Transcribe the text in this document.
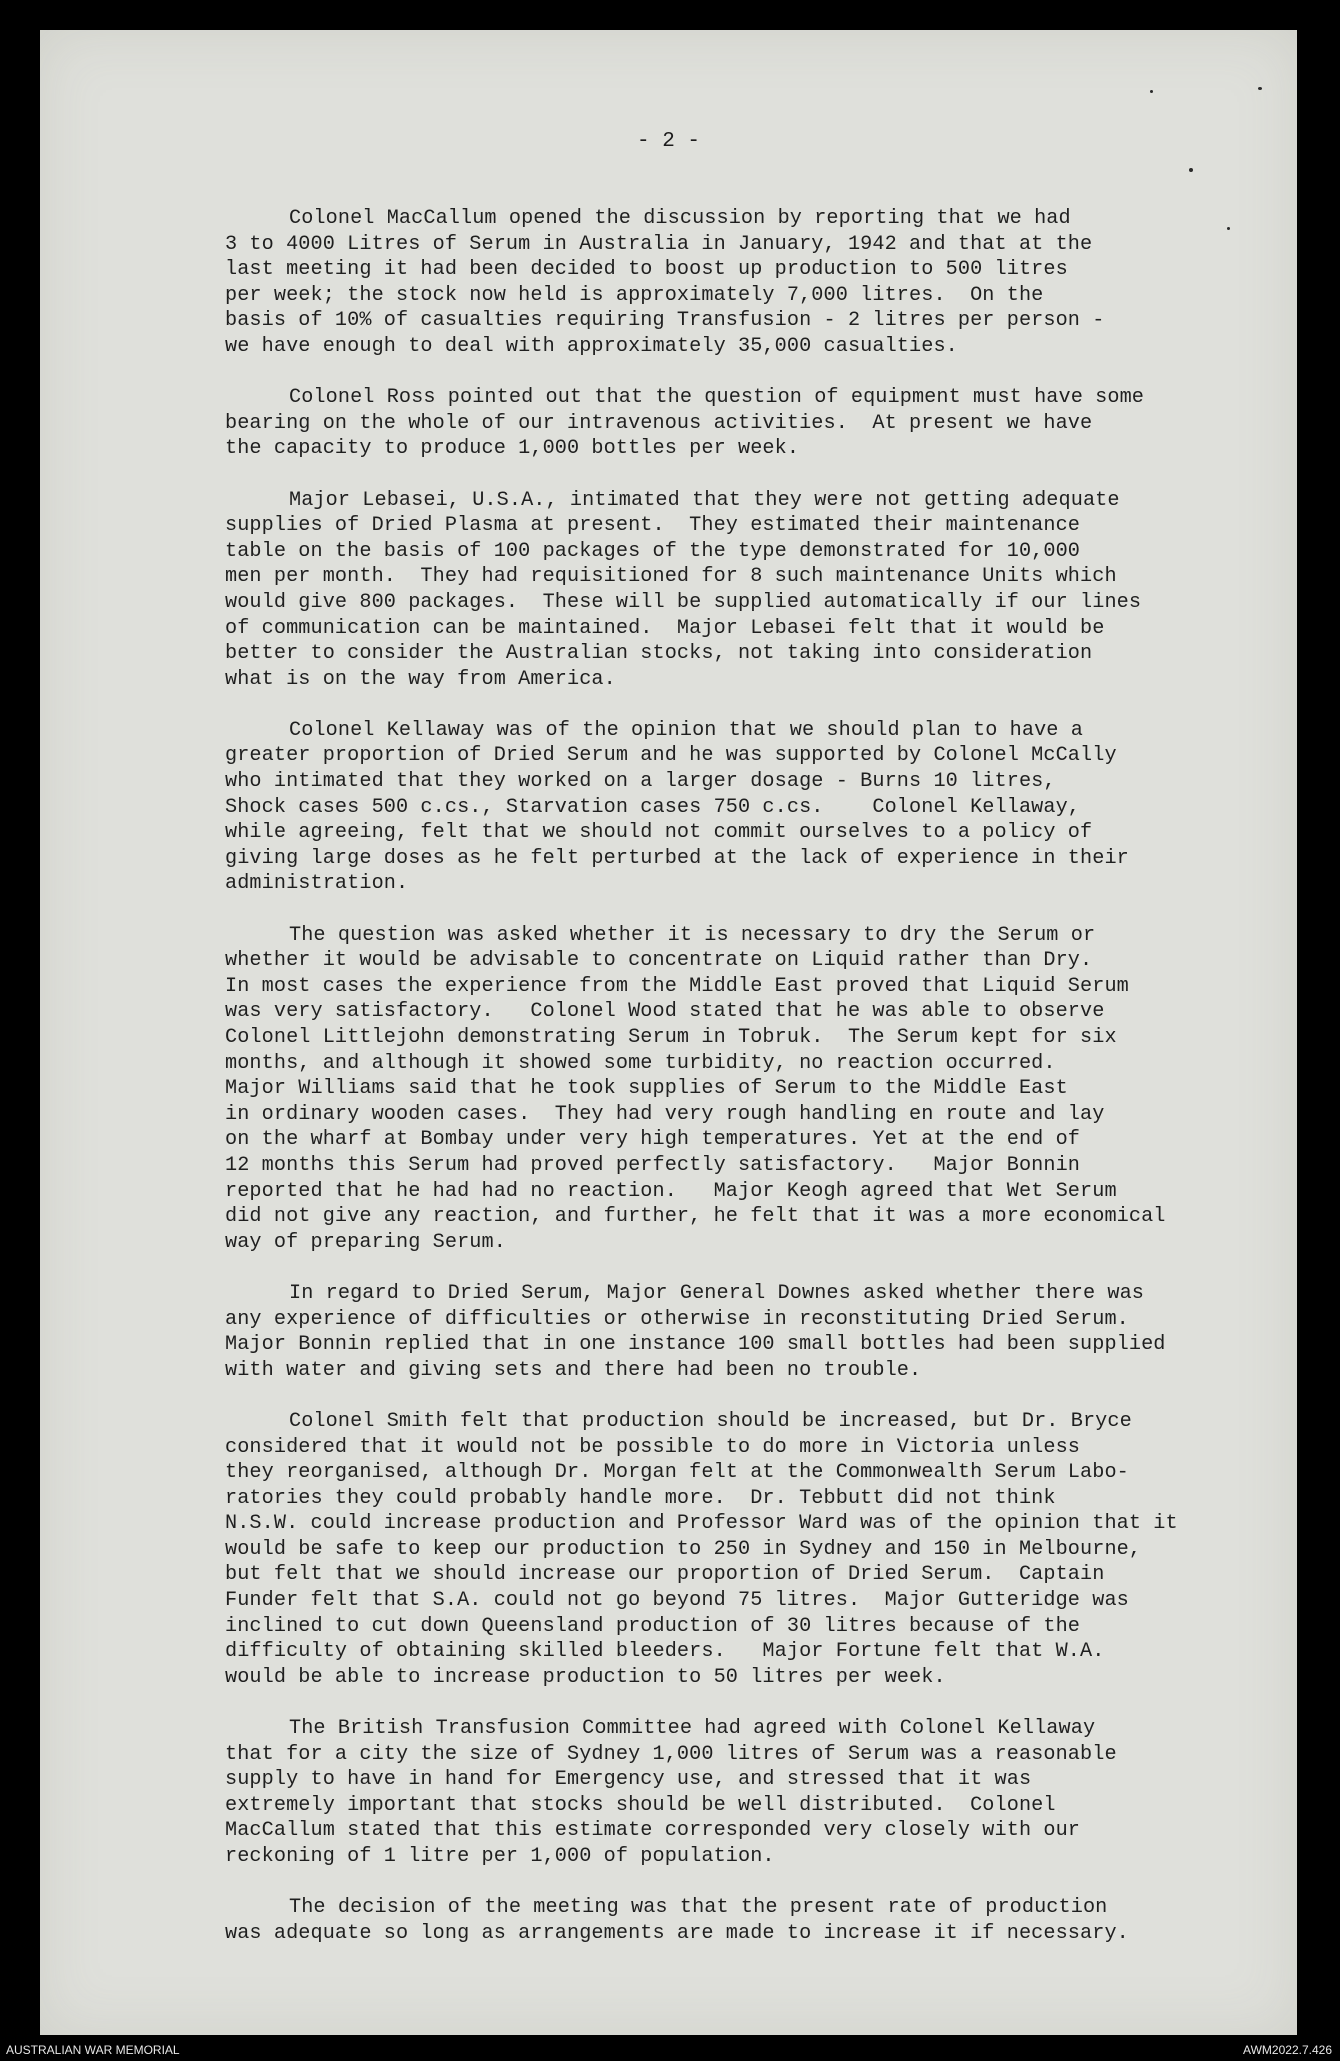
- 2 -
Colonel MacCallum opened the discussion by reporting that we had
3 to 4000 Litres of Serum in Australia in January, 1942 and that at the
last meeting it had been decided to boost up production to 500 litres
per week; the stock now held is approximately 7,000 litres.  On the
basis of 10% of casualties requiring Transfusion - 2 litres per person -
we have enough to deal with approximately 35,000 casualties.
Colonel Ross pointed out that the question of equipment must have some
bearing on the whole of our intravenous activities.  At present we have
the capacity to produce 1,000 bottles per week.
Major Lebasei, U.S.A., intimated that they were not getting adequate
supplies of Dried Plasma at present.  They estimated their maintenance
table on the basis of 100 packages of the type demonstrated for 10,000
men per month.  They had requisitioned for 8 such maintenance Units which
would give 800 packages.  These will be supplied automatically if our lines
of communication can be maintained.  Major Lebasei felt that it would be
better to consider the Australian stocks, not taking into consideration
what is on the way from America.
Colonel Kellaway was of the opinion that we should plan to have a
greater proportion of Dried Serum and he was supported by Colonel McCally
who intimated that they worked on a larger dosage - Burns 10 litres,
Shock cases 500 c.cs., Starvation cases 750 c.cs.    Colonel Kellaway,
while agreeing, felt that we should not commit ourselves to a policy of
giving large doses as he felt perturbed at the lack of experience in their
administration.
The question was asked whether it is necessary to dry the Serum or
whether it would be advisable to concentrate on Liquid rather than Dry.
In most cases the experience from the Middle East proved that Liquid Serum
was very satisfactory.   Colonel Wood stated that he was able to observe
Colonel Littlejohn demonstrating Serum in Tobruk.  The Serum kept for six
months, and although it showed some turbidity, no reaction occurred.
Major Williams said that he took supplies of Serum to the Middle East
in ordinary wooden cases.  They had very rough handling en route and lay
on the wharf at Bombay under very high temperatures. Yet at the end of
12 months this Serum had proved perfectly satisfactory.   Major Bonnin
reported that he had had no reaction.   Major Keogh agreed that Wet Serum
did not give any reaction, and further, he felt that it was a more economical
way of preparing Serum.
In regard to Dried Serum, Major General Downes asked whether there was
any experience of difficulties or otherwise in reconstituting Dried Serum.
Major Bonnin replied that in one instance 100 small bottles had been supplied
with water and giving sets and there had been no trouble.
Colonel Smith felt that production should be increased, but Dr. Bryce
considered that it would not be possible to do more in Victoria unless
they reorganised, although Dr. Morgan felt at the Commonwealth Serum Labo-
ratories they could probably handle more.  Dr. Tebbutt did not think
N.S.W. could increase production and Professor Ward was of the opinion that it
would be safe to keep our production to 250 in Sydney and 150 in Melbourne,
but felt that we should increase our proportion of Dried Serum.  Captain
Funder felt that S.A. could not go beyond 75 litres.  Major Gutteridge was
inclined to cut down Queensland production of 30 litres because of the
difficulty of obtaining skilled bleeders.   Major Fortune felt that W.A.
would be able to increase production to 50 litres per week.
The British Transfusion Committee had agreed with Colonel Kellaway
that for a city the size of Sydney 1,000 litres of Serum was a reasonable
supply to have in hand for Emergency use, and stressed that it was
extremely important that stocks should be well distributed.  Colonel
MacCallum stated that this estimate corresponded very closely with our
reckoning of 1 litre per 1,000 of population.
The decision of the meeting was that the present rate of production
was adequate so long as arrangements are made to increase it if necessary.
AUSTRALIAN WAR MEMORIAL	AWM2022.7.426
